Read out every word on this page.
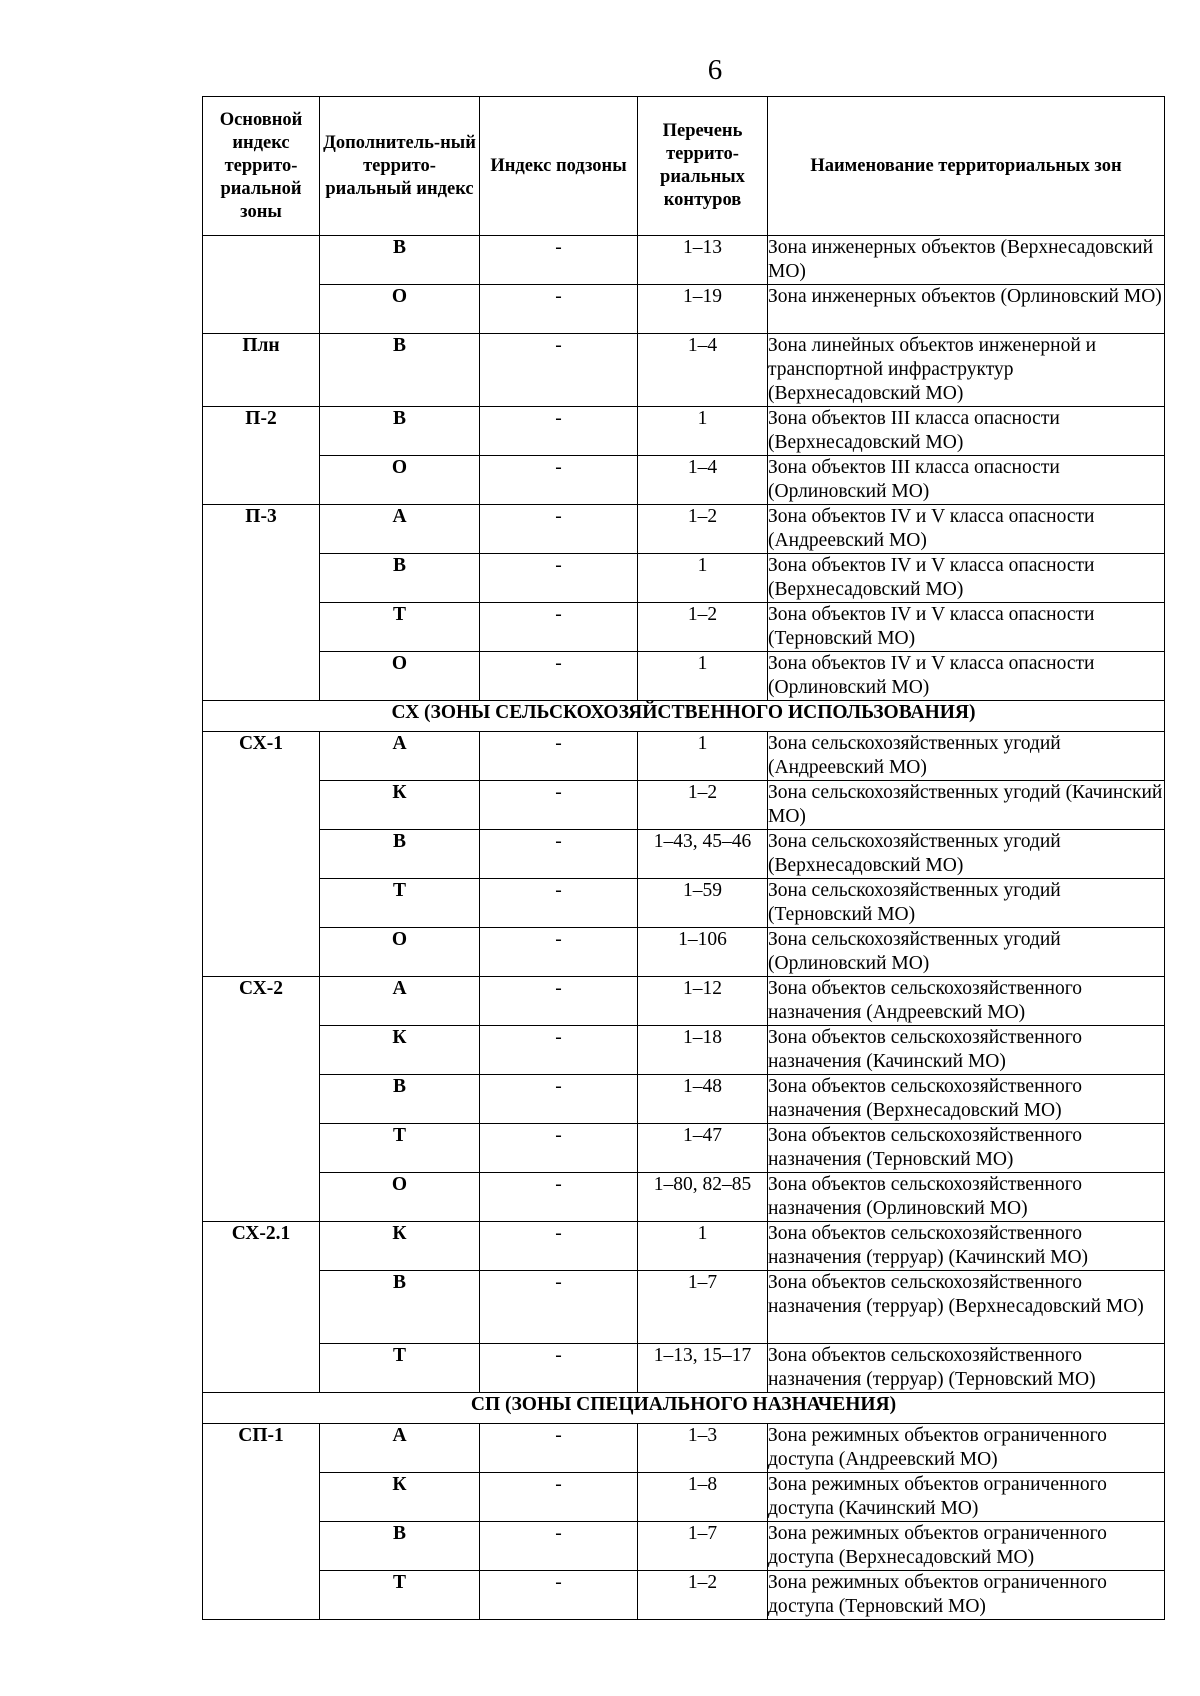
6
Основной индекс террито-риальной зоны	Дополнитель-ный террито-риальный индекс	Индекс подзоны	Перечень террито-риальных контуров	Наименование территориальных зон
	В	-	1–13	Зона инженерных объектов (Верхнесадовский МО)
	О	-	1–19	Зона инженерных объектов (Орлиновский МО)
Плн	В	-	1–4	Зона линейных объектов инженерной и транспортной инфраструктур (Верхнесадовский МО)
П-2	В	-	1	Зона объектов III класса опасности (Верхнесадовский МО)
	О	-	1–4	Зона объектов III класса опасности (Орлиновский МО)
П-3	А	-	1–2	Зона объектов IV и V класса опасности (Андреевский МО)
	В	-	1	Зона объектов IV и V класса опасности (Верхнесадовский МО)
	Т	-	1–2	Зона объектов IV и V класса опасности (Терновский МО)
	О	-	1	Зона объектов IV и V класса опасности (Орлиновский МО)
СХ (ЗОНЫ СЕЛЬСКОХОЗЯЙСТВЕННОГО ИСПОЛЬЗОВАНИЯ)				
СХ-1	А	-	1	Зона сельскохозяйственных угодий (Андреевский МО)
	К	-	1–2	Зона сельскохозяйственных угодий (Качинский МО)
	В	-	1–43, 45–46	Зона сельскохозяйственных угодий (Верхнесадовский МО)
	Т	-	1–59	Зона сельскохозяйственных угодий (Терновский МО)
	О	-	1–106	Зона сельскохозяйственных угодий (Орлиновский МО)
СХ-2	А	-	1–12	Зона объектов сельскохозяйственного назначения (Андреевский МО)
	К	-	1–18	Зона объектов сельскохозяйственного назначения (Качинский МО)
	В	-	1–48	Зона объектов сельскохозяйственного назначения (Верхнесадовский МО)
	Т	-	1–47	Зона объектов сельскохозяйственного назначения (Терновский МО)
	О	-	1–80, 82–85	Зона объектов сельскохозяйственного назначения (Орлиновский МО)
СХ-2.1	К	-	1	Зона объектов сельскохозяйственного назначения (терруар) (Качинский МО)
	В	-	1–7	Зона объектов сельскохозяйственного назначения (терруар) (Верхнесадовский МО)
	Т	-	1–13, 15–17	Зона объектов сельскохозяйственного назначения (терруар) (Терновский МО)
СП (ЗОНЫ СПЕЦИАЛЬНОГО НАЗНАЧЕНИЯ)				
СП-1	А	-	1–3	Зона режимных объектов ограниченного доступа (Андреевский МО)
	К	-	1–8	Зона режимных объектов ограниченного доступа (Качинский МО)
	В	-	1–7	Зона режимных объектов ограниченного доступа (Верхнесадовский МО)
	Т	-	1–2	Зона режимных объектов ограниченного доступа (Терновский МО)
